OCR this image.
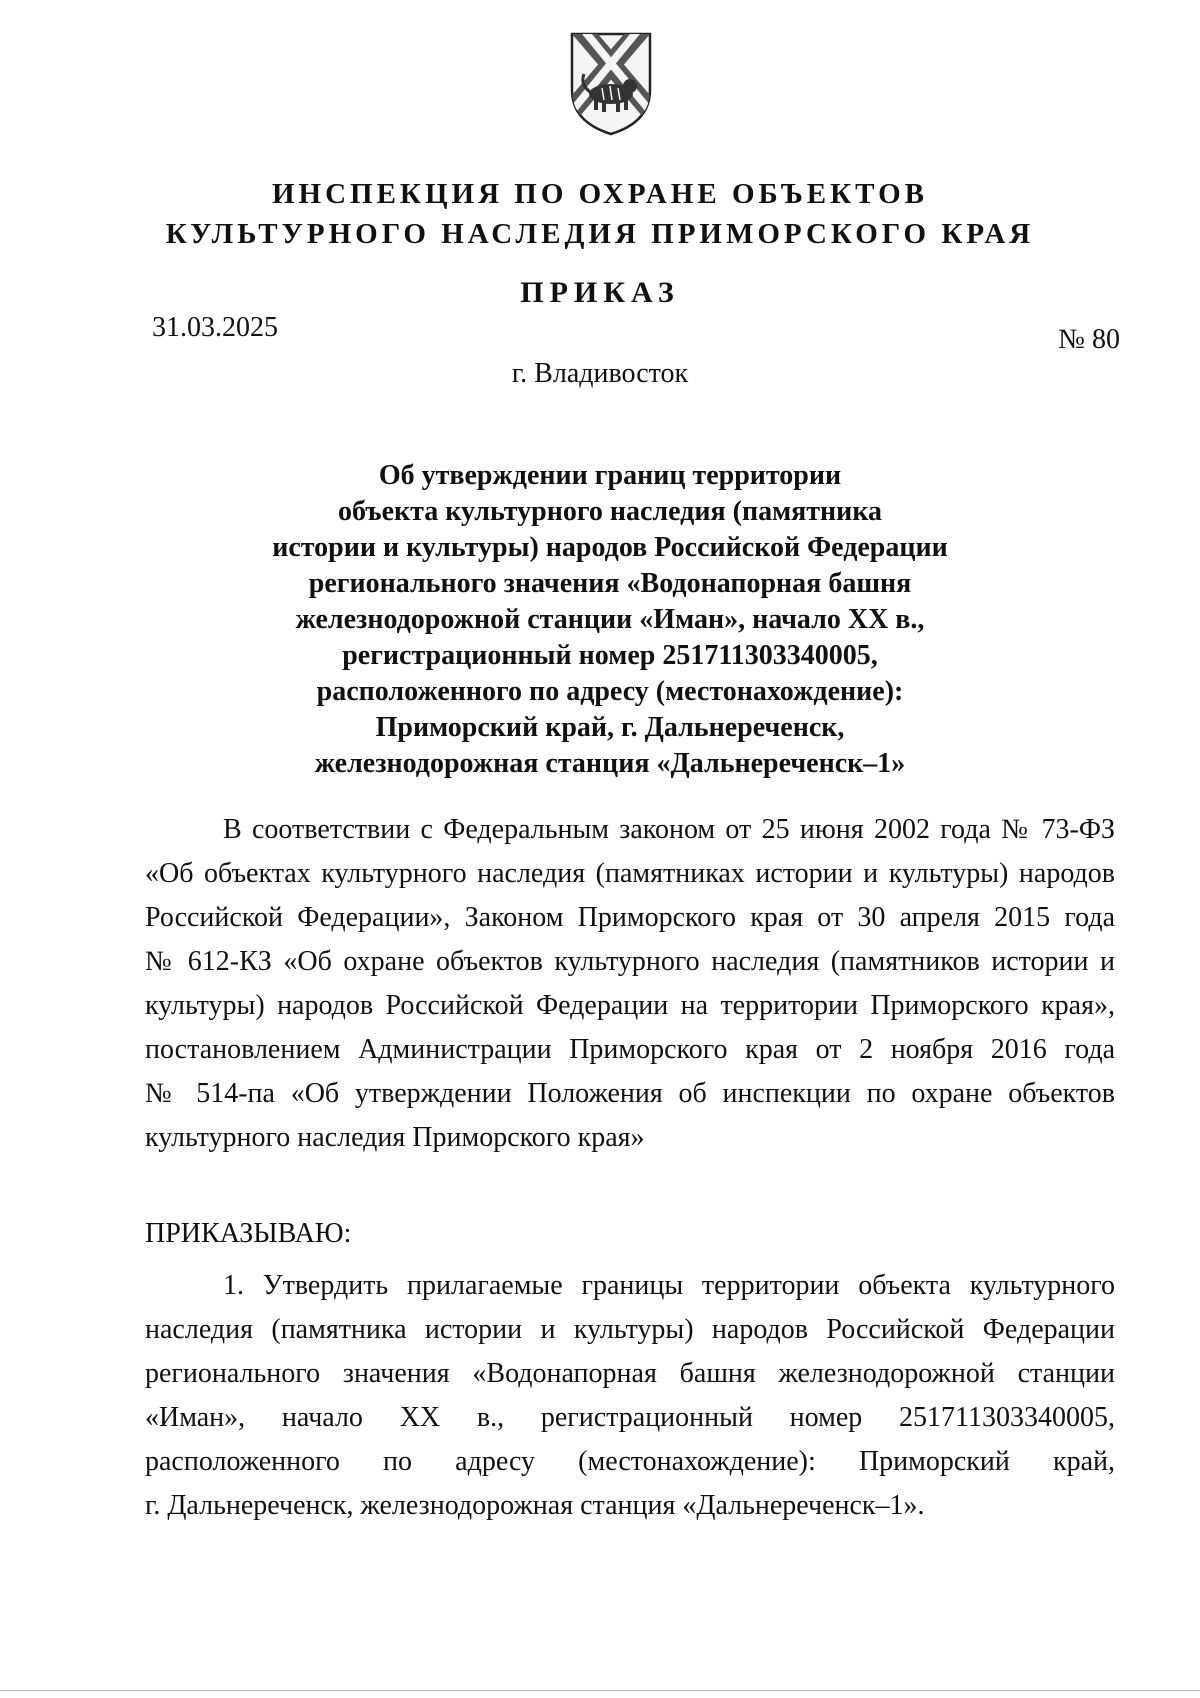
ИНСПЕКЦИЯ ПО ОХРАНЕ ОБЪЕКТОВ
КУЛЬТУРНОГО НАСЛЕДИЯ ПРИМОРСКОГО КРАЯ
ПРИКАЗ
31.03.2025	№ 80
г. Владивосток
Об утверждении границ территории
объекта культурного наследия (памятника
истории и культуры) народов Российской Федерации
регионального значения «Водонапорная башня
железнодорожной станции «Иман», начало XX в.,
регистрационный номер 251711303340005,
расположенного по адресу (местонахождение):
Приморский край, г. Дальнереченск,
железнодорожная станция «Дальнереченск–1»
В соответствии с Федеральным законом от 25 июня 2002 года № 73-ФЗ
«Об объектах культурного наследия (памятниках истории и культуры) народов
Российской Федерации», Законом Приморского края от 30 апреля 2015 года
№ 612-КЗ «Об охране объектов культурного наследия (памятников истории и
культуры) народов Российской Федерации на территории Приморского края»,
постановлением Администрации Приморского края от 2 ноября 2016 года
№ 514-па «Об утверждении Положения об инспекции по охране объектов
культурного наследия Приморского края»
ПРИКАЗЫВАЮ:
1. Утвердить прилагаемые границы территории объекта культурного
наследия (памятника истории и культуры) народов Российской Федерации
регионального значения «Водонапорная башня железнодорожной станции
«Иман», начало XX в., регистрационный номер 251711303340005,
расположенного по адресу (местонахождение): Приморский край,
г. Дальнереченск, железнодорожная станция «Дальнереченск–1».
